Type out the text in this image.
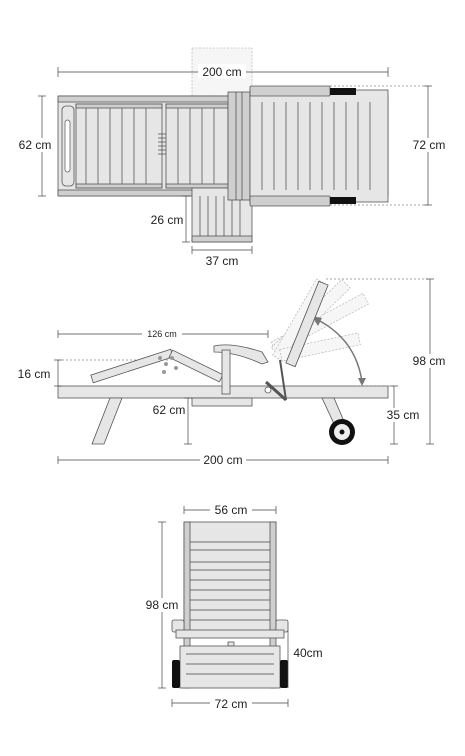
200 cm
62 cm	72 cm
26 cm
37 cm
126 cm
16 cm
62 cm
98 cm
35 cm
200 cm
56 cm
98 cm
40cm
72 cm
